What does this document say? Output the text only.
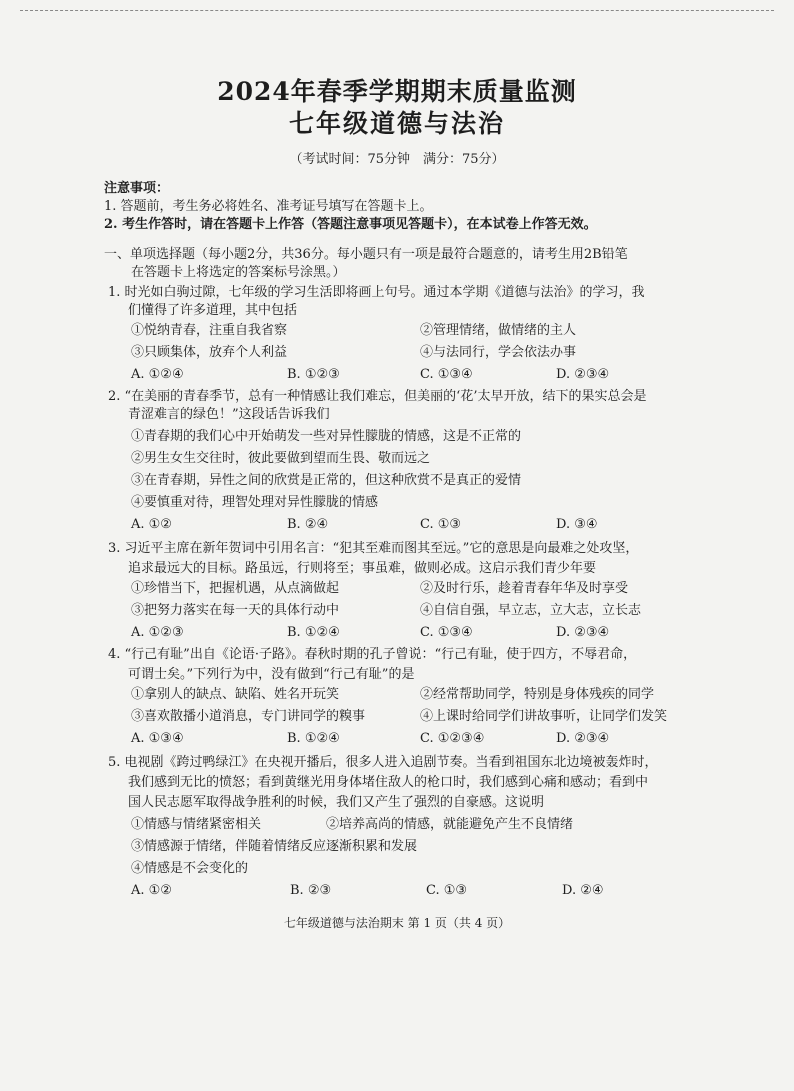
2024年春季学期期末质量监测
七年级道德与法治
（考试时间：75分钟　满分：75分）
注意事项：
1. 答题前，考生务必将姓名、准考证号填写在答题卡上。
2. 考生作答时，请在答题卡上作答（答题注意事项见答题卡），在本试卷上作答无效。
一、单项选择题（每小题2分，共36分。每小题只有一项是最符合题意的，请考生用2B铅笔
在答题卡上将选定的答案标号涂黑。）
1. 时光如白驹过隙，七年级的学习生活即将画上句号。通过本学期《道德与法治》的学习，我
们懂得了许多道理，其中包括
①悦纳青春，注重自我省察	②管理情绪，做情绪的主人
③只顾集体，放弃个人利益	④与法同行，学会依法办事
A. ①②④	B. ①②③	C. ①③④	D. ②③④
2. “在美丽的青春季节，总有一种情感让我们难忘，但美丽的‘花’太早开放，结下的果实总会是
青涩难言的绿色！”这段话告诉我们
①青春期的我们心中开始萌发一些对异性朦胧的情感，这是不正常的
②男生女生交往时，彼此要做到望而生畏、敬而远之
③在青春期，异性之间的欣赏是正常的，但这种欣赏不是真正的爱情
④要慎重对待，理智处理对异性朦胧的情感
A. ①②	B. ②④	C. ①③	D. ③④
3. 习近平主席在新年贺词中引用名言：“犯其至难而图其至远。”它的意思是向最难之处攻坚，
追求最远大的目标。路虽远，行则将至；事虽难，做则必成。这启示我们青少年要
①珍惜当下，把握机遇，从点滴做起	②及时行乐，趁着青春年华及时享受
③把努力落实在每一天的具体行动中	④自信自强，早立志，立大志，立长志
A. ①②③	B. ①②④	C. ①③④	D. ②③④
4. “行己有耻”出自《论语·子路》。春秋时期的孔子曾说：“行己有耻，使于四方，不辱君命，
可谓士矣。”下列行为中，没有做到“行己有耻”的是
①拿别人的缺点、缺陷、姓名开玩笑	②经常帮助同学，特别是身体残疾的同学
③喜欢散播小道消息，专门讲同学的糗事	④上课时给同学们讲故事听，让同学们发笑
A. ①③④	B. ①②④	C. ①②③④	D. ②③④
5. 电视剧《跨过鸭绿江》在央视开播后，很多人进入追剧节奏。当看到祖国东北边境被轰炸时，
我们感到无比的愤怒；看到黄继光用身体堵住敌人的枪口时，我们感到心痛和感动；看到中
国人民志愿军取得战争胜利的时候，我们又产生了强烈的自豪感。这说明
①情感与情绪紧密相关	②培养高尚的情感，就能避免产生不良情绪
③情感源于情绪，伴随着情绪反应逐渐积累和发展
④情感是不会变化的
A. ①②	B. ②③	C. ①③	D. ②④
七年级道德与法治期末 第 1 页（共 4 页）
